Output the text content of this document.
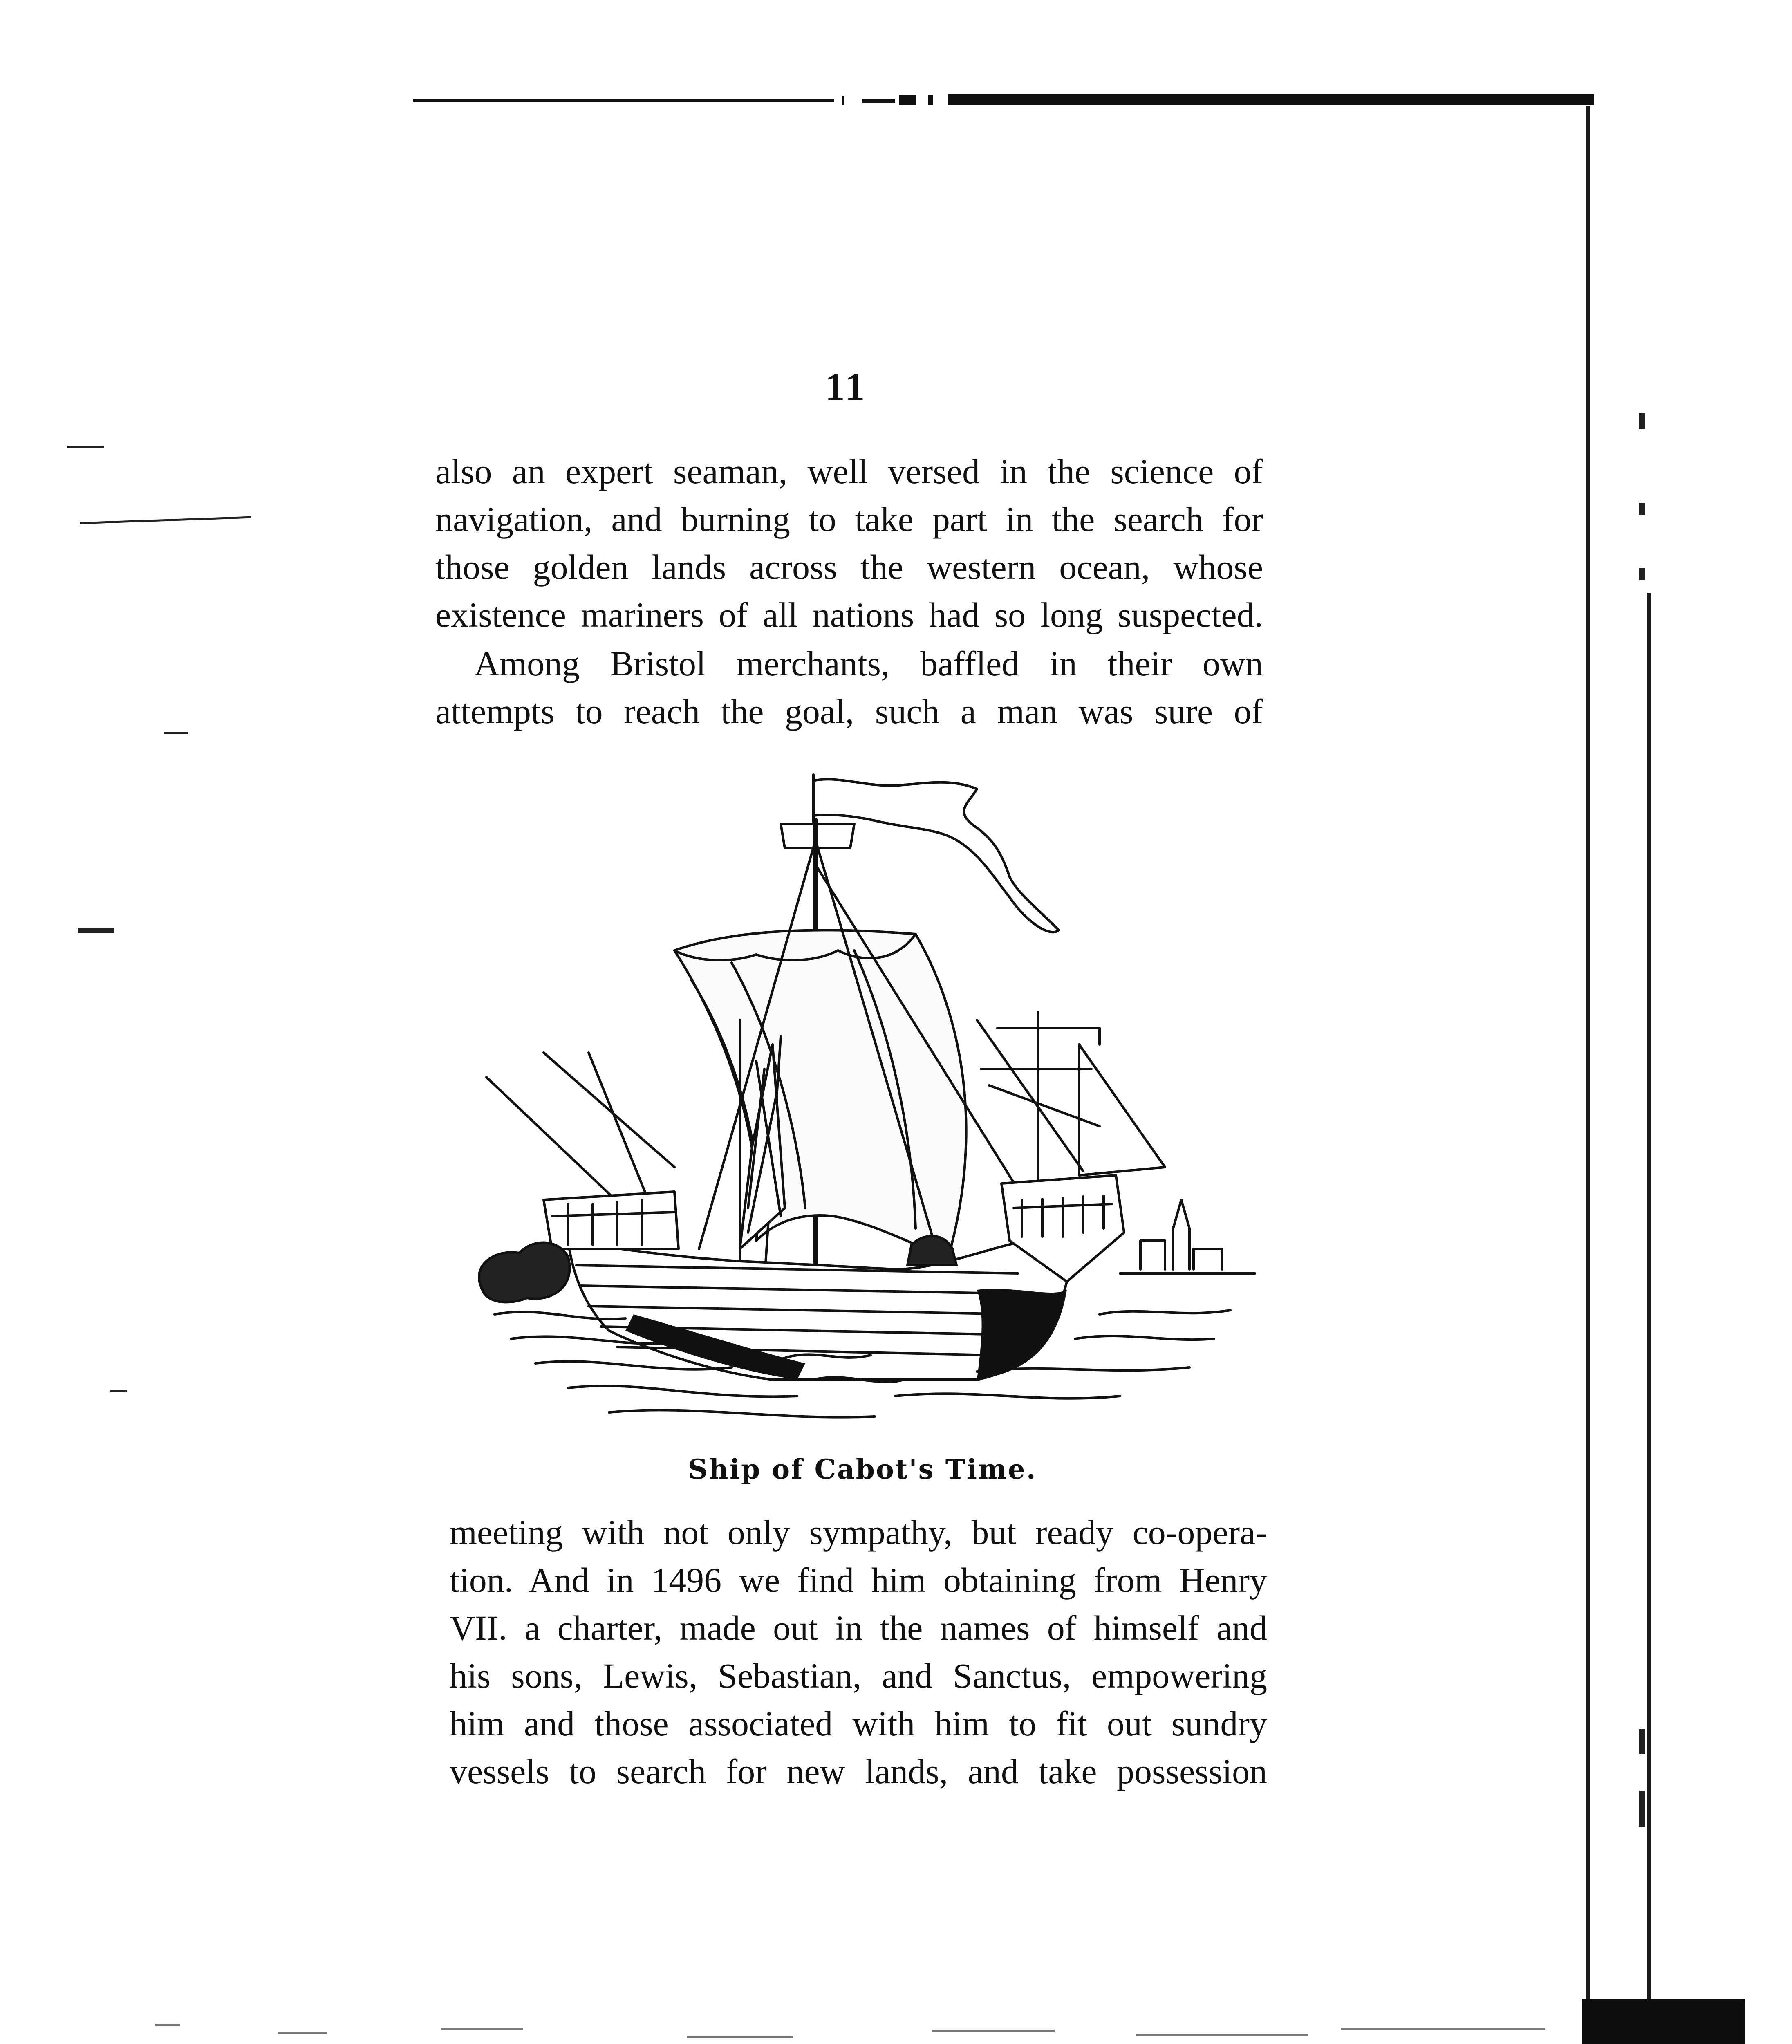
11
also an expert seaman, well versed in the science of
navigation, and burning to take part in the search for
those golden lands across the western ocean, whose
existence mariners of all nations had so long suspected.
Among Bristol merchants, baffled in their own
attempts to reach the goal, such a man was sure of
Ship of Cabot's Time.
meeting with not only sympathy, but ready co-opera-
tion. And in 1496 we find him obtaining from Henry
VII. a charter, made out in the names of himself and
his sons, Lewis, Sebastian, and Sanctus, empowering
him and those associated with him to fit out sundry
vessels to search for new lands, and take possession
